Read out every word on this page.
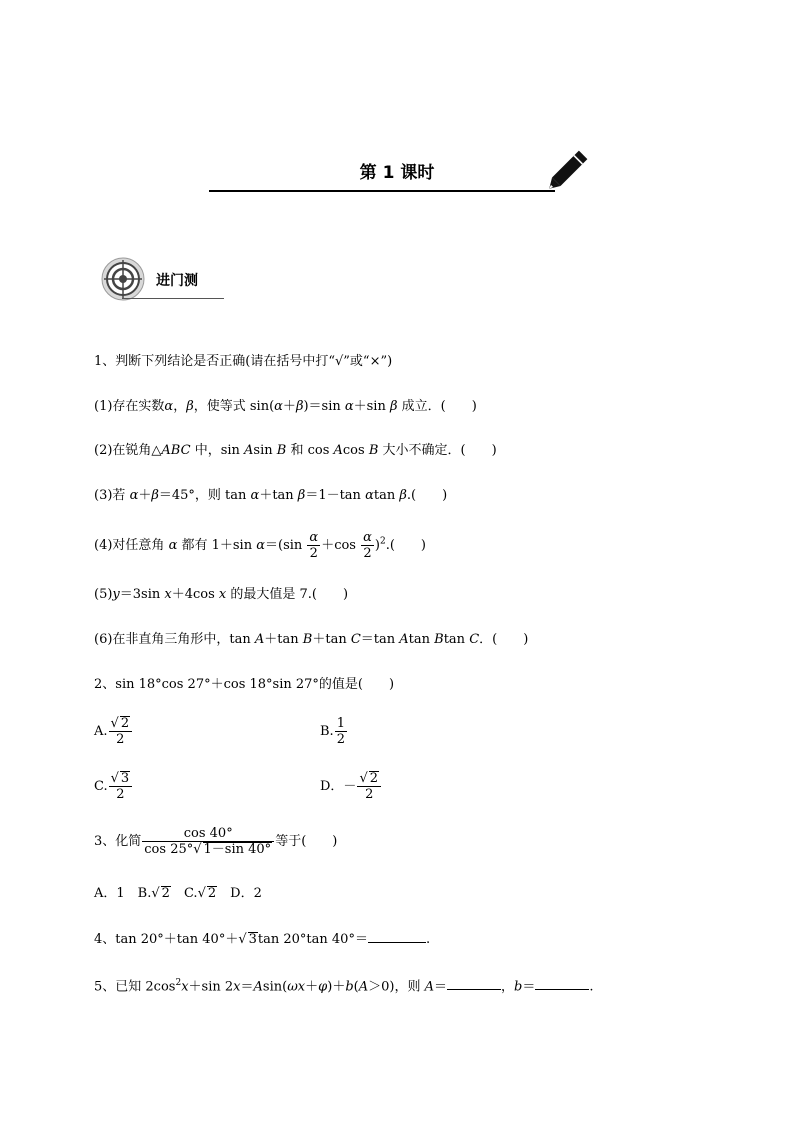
第 1 课时
进门测
1、判断下列结论是否正确(请在括号中打“√”或“×”)
(1)存在实数α，β，使等式 sin(α＋β)＝sin α＋sin β 成立．(　　)
(2)在锐角△ABC 中，sin Asin B 和 cos Acos B 大小不确定．(　　)
(3)若 α＋β＝45°，则 tan α＋tan β＝1－tan αtan β.(　　)
(4)对任意角 α 都有 1＋sin $\alpha=(\sin \frac{\alpha}{2} +\cos \frac{\alpha}{2} )^2$.(　　)
(5)y＝3sin x＋4cos x 的最大值是 7.(　　)
(6)在非直角三角形中，tan A＋tan B＋tan C＝tan Atan Btan C．(　　)
2、sin 18°cos 27°＋cos 18°sin 27°的值是(　　)
A. $\frac{√ 2}{2}$	B. $\frac{1}{2}$
C. $\frac{√ 3}{2}$	D．－ $\frac{√ 2}{2}$
3、化简 $\frac{\cos 40^\circ}{\cos 25^\circ√ 1-\sin 40^\circ}$ 等于(　　)
A．1　B.√ 2　C.√ 2　D．2
4、tan 20°＋tan 40°＋√ 3tan 20°tan 40°＝	.
5、已知 $2\cos^2x+\sin$ 2x＝Asin(ωx＋φ)＋b(A＞0)，则 A＝	，b＝	.
